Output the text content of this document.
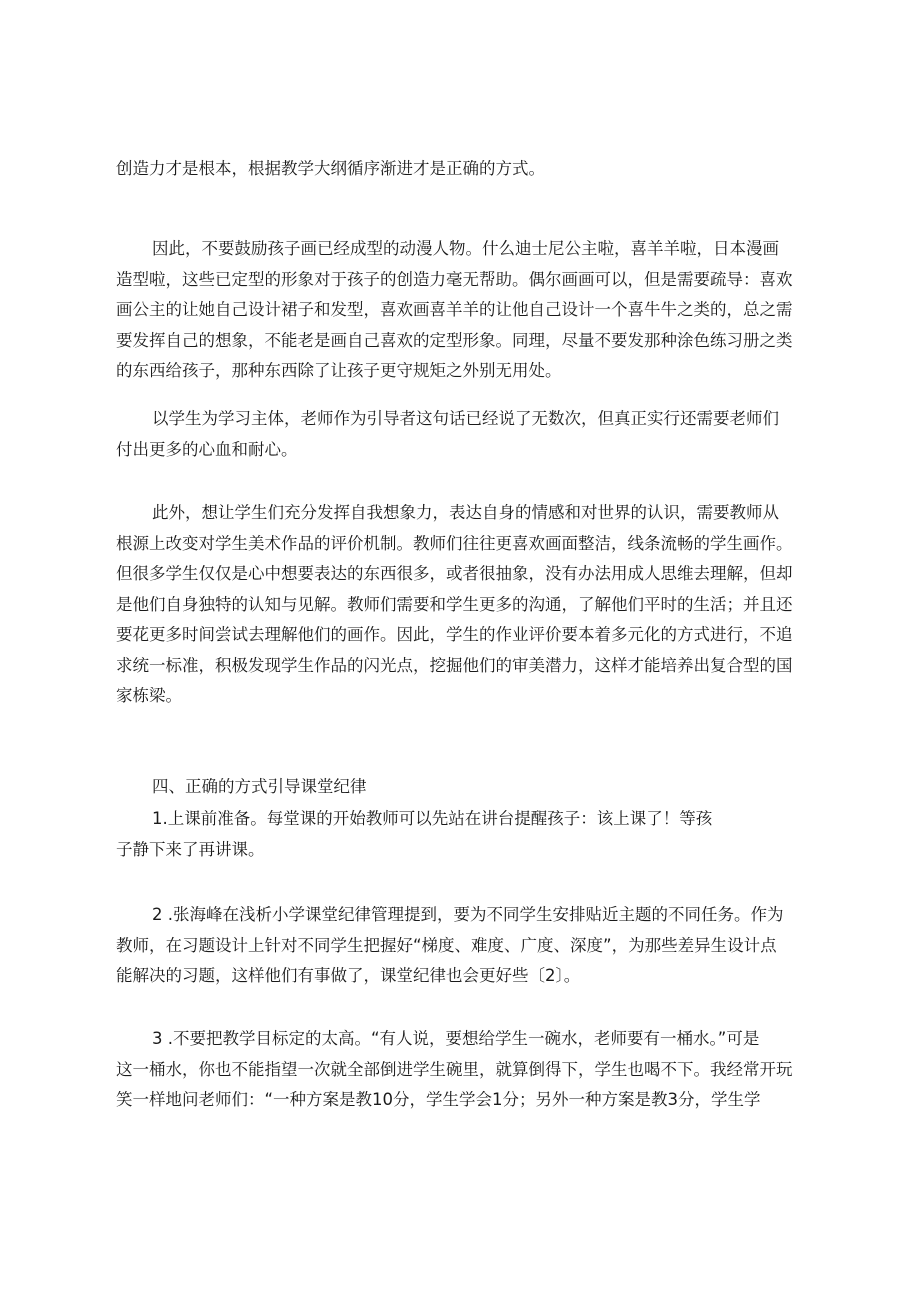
创造力才是根本，根据教学大纲循序渐进才是正确的方式。

因此，不要鼓励孩子画已经成型的动漫人物。什么迪士尼公主啦，喜羊羊啦，日本漫画
造型啦，这些已定型的形象对于孩子的创造力毫无帮助。偶尔画画可以，但是需要疏导：喜欢
画公主的让她自己设计裙子和发型，喜欢画喜羊羊的让他自己设计一个喜牛牛之类的，总之需
要发挥自己的想象，不能老是画自己喜欢的定型形象。同理，尽量不要发那种涂色练习册之类
的东西给孩子，那种东西除了让孩子更守规矩之外别无用处。

以学生为学习主体，老师作为引导者这句话已经说了无数次，但真正实行还需要老师们
付出更多的心血和耐心。

此外，想让学生们充分发挥自我想象力，表达自身的情感和对世界的认识，需要教师从
根源上改变对学生美术作品的评价机制。教师们往往更喜欢画面整洁，线条流畅的学生画作。
但很多学生仅仅是心中想要表达的东西很多，或者很抽象，没有办法用成人思维去理解，但却
是他们自身独特的认知与见解。教师们需要和学生更多的沟通，了解他们平时的生活；并且还
要花更多时间尝试去理解他们的画作。因此，学生的作业评价要本着多元化的方式进行，不追
求统一标准，积极发现学生作品的闪光点，挖掘他们的审美潜力，这样才能培养出复合型的国
家栋梁。

四、正确的方式引导课堂纪律

1.上课前准备。每堂课的开始教师可以先站在讲台提醒孩子：该上课了！等孩
子静下来了再讲课。

2 .张海峰在浅析小学课堂纪律管理提到，要为不同学生安排贴近主题的不同任务。作为
教师，在习题设计上针对不同学生把握好“梯度、难度、广度、深度”，为那些差异生设计点
能解决的习题，这样他们有事做了，课堂纪律也会更好些〔2〕。

3 .不要把教学目标定的太高。“有人说，要想给学生一碗水，老师要有一桶水。”可是
这一桶水，你也不能指望一次就全部倒进学生碗里，就算倒得下，学生也喝不下。我经常开玩
笑一样地问老师们：“一种方案是教10分，学生学会1分；另外一种方案是教3分，学生学
